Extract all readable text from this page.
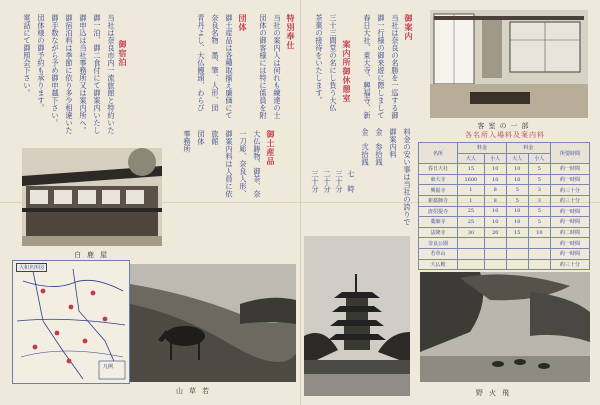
御案内
当社は奈良の名勝を一巡する御
御一行様の御来遊に際しまして
春日大社、東大寺、興福寺、新
案内所御休憩室
三十三間堂の名にし負う大仏
茶菓の接待をいたします。
料金の安い事は当社の誇りで
御案内料
金　参拾銭
金　弐拾銭
七　時
三十分
二十分
三十分
特別奉仕
当社の案内人は何れも練達の士
団体の御客様には特に係員を附
団体
御土産品は各種取揃え廉価にて
奈良名物　墨、筆、人形、団
青丹よし、大仏饅頭、わらび
御土産品
大仏鋳物、御茶、奈
一刀彫、奈良人形、
御案内料は人員に依
旅館
団体
事務所
御宿泊
当社は奈良市内一流旅館と特約いた
御一泊、御二食付にて御案内いたし
御申込は当社事務所又は案内所へ。
御宿泊料は季節に依り多少相違いた
御手数ながら予め御申越下さい。
団体様の御予約も承ります。
電話にて御照会下さい。
客室の一部
各名所入場料及案内料
名所	料金		料金		所要時間
	大人	小人	大人	小人	
春日大社	15	10	10	5	約一時間
東大寺	1600	10	10	5	約一時間
興福寺	1	8	5	3	約三十分
新薬師寺	1	8	5	3	約三十分
唐招提寺	25	10	10	5	約一時間
薬師寺	25	10	10	5	約一時間
法隆寺	30	20	15	10	約二時間
奈良公園					約一時間
若草山					約一時間
大仏殿					約三十分
白鹿屋
大和名所図
凡例
山草若	野火飛
